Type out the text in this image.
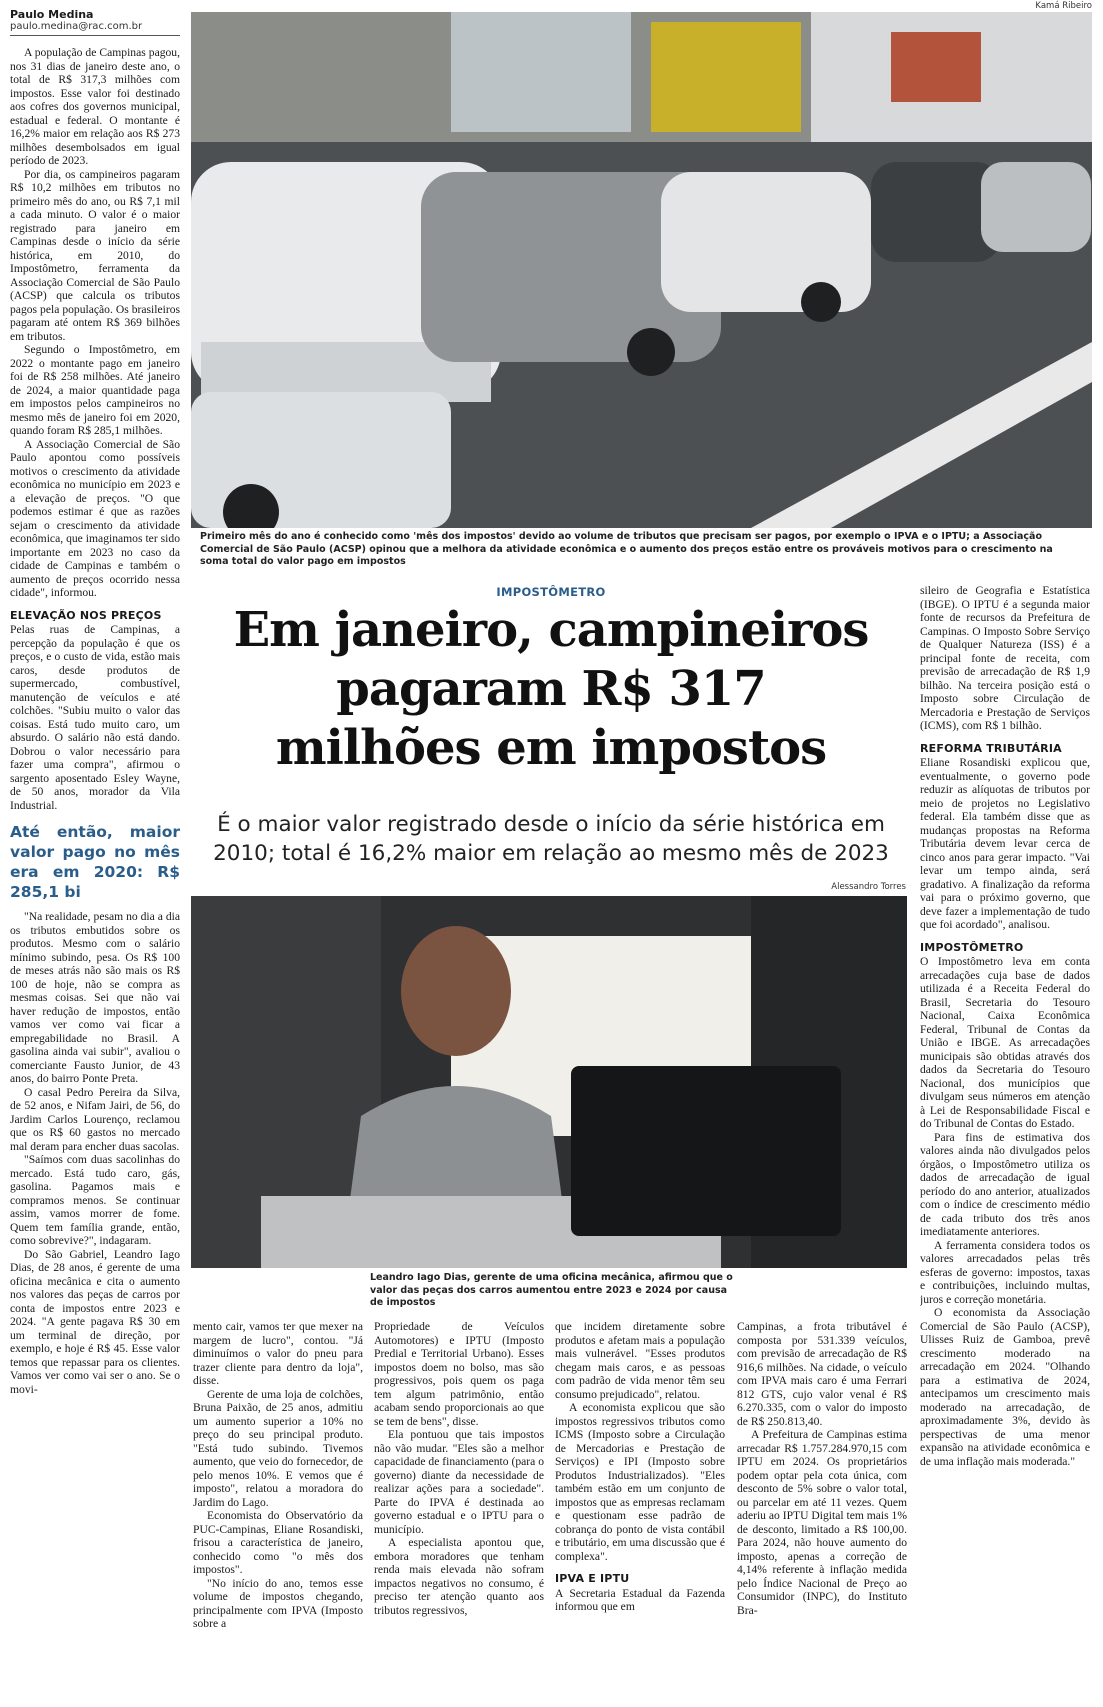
Paulo Medina
paulo.medina@rac.com.br

A população de Campinas pagou, nos 31 dias de janeiro deste ano, o total de R$ 317,3 milhões com impostos. Esse valor foi destinado aos cofres dos governos municipal, estadual e federal. O montante é 16,2% maior em relação aos R$ 273 milhões desembolsados em igual período de 2023.

Por dia, os campineiros pagaram R$ 10,2 milhões em tributos no primeiro mês do ano, ou R$ 7,1 mil a cada minuto. O valor é o maior registrado para janeiro em Campinas desde o início da série histórica, em 2010, do Impostômetro, ferramenta da Associação Comercial de São Paulo (ACSP) que calcula os tributos pagos pela população. Os brasileiros pagaram até ontem R$ 369 bilhões em tributos.

Segundo o Impostômetro, em 2022 o montante pago em janeiro foi de R$ 258 milhões. Até janeiro de 2024, a maior quantidade paga em impostos pelos campineiros no mesmo mês de janeiro foi em 2020, quando foram R$ 285,1 milhões.

A Associação Comercial de São Paulo apontou como possíveis motivos o crescimento da atividade econômica no município em 2023 e a elevação de preços. "O que podemos estimar é que as razões sejam o crescimento da atividade econômica, que imaginamos ter sido importante em 2023 no caso da cidade de Campinas e também o aumento de preços ocorrido nessa cidade", informou.

ELEVAÇÃO NOS PREÇOS

Pelas ruas de Campinas, a percepção da população é que os preços, e o custo de vida, estão mais caros, desde produtos de supermercado, combustível, manutenção de veículos e até colchões. "Subiu muito o valor das coisas. Está tudo muito caro, um absurdo. O salário não está dando. Dobrou o valor necessário para fazer uma compra", afirmou o sargento aposentado Esley Wayne, de 50 anos, morador da Vila Industrial.

Até então, maior valor pago no mês era em 2020: R$ 285,1 bi

"Na realidade, pesam no dia a dia os tributos embutidos sobre os produtos. Mesmo com o salário mínimo subindo, pesa. Os R$ 100 de meses atrás não são mais os R$ 100 de hoje, não se compra as mesmas coisas. Sei que não vai haver redução de impostos, então vamos ver como vai ficar a empregabilidade no Brasil. A gasolina ainda vai subir", avaliou o comerciante Fausto Junior, de 43 anos, do bairro Ponte Preta.

O casal Pedro Pereira da Silva, de 52 anos, e Nifam Jairi, de 56, do Jardim Carlos Lourenço, reclamou que os R$ 60 gastos no mercado mal deram para encher duas sacolas.

"Saímos com duas sacolinhas do mercado. Está tudo caro, gás, gasolina. Pagamos mais e compramos menos. Se continuar assim, vamos morrer de fome. Quem tem família grande, então, como sobrevive?", indagaram.

Do São Gabriel, Leandro Iago Dias, de 28 anos, é gerente de uma oficina mecânica e cita o aumento nos valores das peças de carros por conta de impostos entre 2023 e 2024. "A gente pagava R$ 30 em um terminal de direção, por exemplo, e hoje é R$ 45. Esse valor temos que repassar para os clientes. Vamos ver como vai ser o ano. Se o movi-

Kamá Ribeiro
Primeiro mês do ano é conhecido como 'mês dos impostos' devido ao volume de tributos que precisam ser pagos, por exemplo o IPVA e o IPTU; a Associação Comercial de São Paulo (ACSP) opinou que a melhora da atividade econômica e o aumento dos preços estão entre os prováveis motivos para o crescimento na soma total do valor pago em impostos
IMPOSTÔMETRO
Em janeiro, campineiros
pagaram R$ 317
milhões em impostos
É o maior valor registrado desde o início da série histórica em 2010; total é 16,2% maior em relação ao mesmo mês de 2023
Alessandro Torres
Leandro Iago Dias, gerente de uma oficina mecânica, afirmou que o valor das peças dos carros aumentou entre 2023 e 2024 por causa de impostos

sileiro de Geografia e Estatística (IBGE). O IPTU é a segunda maior fonte de recursos da Prefeitura de Campinas. O Imposto Sobre Serviço de Qualquer Natureza (ISS) é a principal fonte de receita, com previsão de arrecadação de R$ 1,9 bilhão. Na terceira posição está o Imposto sobre Circulação de Mercadoria e Prestação de Serviços (ICMS), com R$ 1 bilhão.

REFORMA TRIBUTÁRIA

Eliane Rosandiski explicou que, eventualmente, o governo pode reduzir as alíquotas de tributos por meio de projetos no Legislativo federal. Ela também disse que as mudanças propostas na Reforma Tributária devem levar cerca de cinco anos para gerar impacto. "Vai levar um tempo ainda, será gradativo. A finalização da reforma vai para o próximo governo, que deve fazer a implementação de tudo que foi acordado", analisou.

IMPOSTÔMETRO

O Impostômetro leva em conta arrecadações cuja base de dados utilizada é a Receita Federal do Brasil, Secretaria do Tesouro Nacional, Caixa Econômica Federal, Tribunal de Contas da União e IBGE. As arrecadações municipais são obtidas através dos dados da Secretaria do Tesouro Nacional, dos municípios que divulgam seus números em atenção à Lei de Responsabilidade Fiscal e do Tribunal de Contas do Estado.

Para fins de estimativa dos valores ainda não divulgados pelos órgãos, o Impostômetro utiliza os dados de arrecadação de igual período do ano anterior, atualizados com o índice de crescimento médio de cada tributo dos três anos imediatamente anteriores.

A ferramenta considera todos os valores arrecadados pelas três esferas de governo: impostos, taxas e contribuições, incluindo multas, juros e correção monetária.

O economista da Associação Comercial de São Paulo (ACSP), Ulisses Ruiz de Gamboa, prevê crescimento moderado na arrecadação em 2024. "Olhando para a estimativa de 2024, antecipamos um crescimento mais moderado na arrecadação, de aproximadamente 3%, devido às perspectivas de uma menor expansão na atividade econômica e de uma inflação mais moderada."

mento cair, vamos ter que mexer na margem de lucro", contou. "Já diminuímos o valor do pneu para trazer cliente para dentro da loja", disse.

Gerente de uma loja de colchões, Bruna Paixão, de 25 anos, admitiu um aumento superior a 10% no preço do seu principal produto. "Está tudo subindo. Tivemos aumento, que veio do fornecedor, de pelo menos 10%. E vemos que é imposto", relatou a moradora do Jardim do Lago.

Economista do Observatório da PUC-Campinas, Eliane Rosandiski, frisou a característica de janeiro, conhecido como "o mês dos impostos".

"No início do ano, temos esse volume de impostos chegando, principalmente com IPVA (Imposto sobre a

Propriedade de Veículos Automotores) e IPTU (Imposto Predial e Territorial Urbano). Esses impostos doem no bolso, mas são progressivos, pois quem os paga tem algum patrimônio, então acabam sendo proporcionais ao que se tem de bens", disse.

Ela pontuou que tais impostos não vão mudar. "Eles são a melhor capacidade de financiamento (para o governo) diante da necessidade de realizar ações para a sociedade". Parte do IPVA é destinada ao governo estadual e o IPTU para o município.

A especialista apontou que, embora moradores que tenham renda mais elevada não sofram impactos negativos no consumo, é preciso ter atenção quanto aos tributos regressivos,

que incidem diretamente sobre produtos e afetam mais a população mais vulnerável. "Esses produtos chegam mais caros, e as pessoas com padrão de vida menor têm seu consumo prejudicado", relatou.

A economista explicou que são impostos regressivos tributos como ICMS (Imposto sobre a Circulação de Mercadorias e Prestação de Serviços) e IPI (Imposto sobre Produtos Industrializados). "Eles também estão em um conjunto de impostos que as empresas reclamam e questionam esse padrão de cobrança do ponto de vista contábil e tributário, em uma discussão que é complexa".

IPVA E IPTU

A Secretaria Estadual da Fazenda informou que em

Campinas, a frota tributável é composta por 531.339 veículos, com previsão de arrecadação de R$ 916,6 milhões. Na cidade, o veículo com IPVA mais caro é uma Ferrari 812 GTS, cujo valor venal é R$ 6.270.335, com o valor do imposto de R$ 250.813,40.

A Prefeitura de Campinas estima arrecadar R$ 1.757.284.970,15 com IPTU em 2024. Os proprietários podem optar pela cota única, com desconto de 5% sobre o valor total, ou parcelar em até 11 vezes. Quem aderiu ao IPTU Digital tem mais 1% de desconto, limitado a R$ 100,00. Para 2024, não houve aumento do imposto, apenas a correção de 4,14% referente à inflação medida pelo Índice Nacional de Preço ao Consumidor (INPC), do Instituto Bra-
